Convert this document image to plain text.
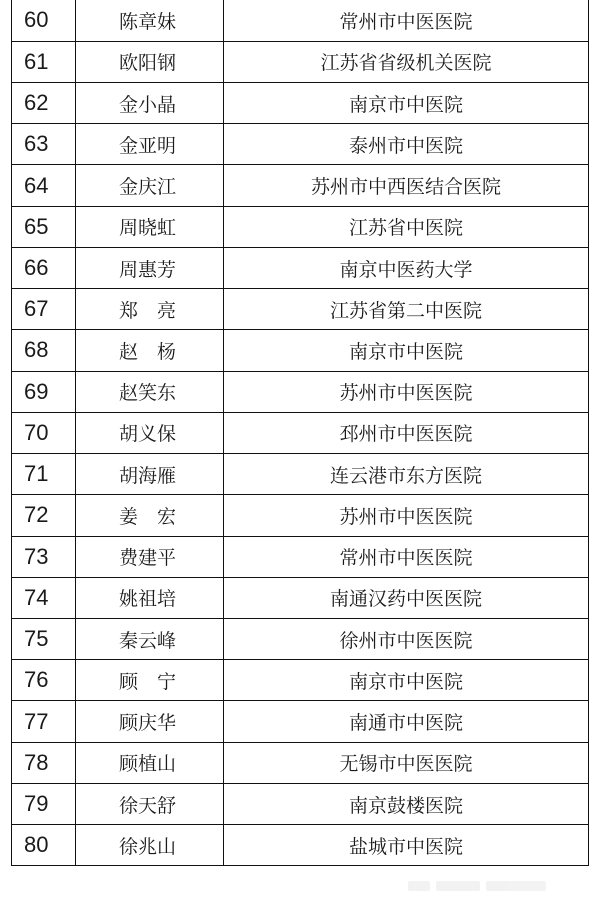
60	陈章妹	常州市中医医院
61	欧阳钢	江苏省省级机关医院
62	金小晶	南京市中医院
63	金亚明	泰州市中医院
64	金庆江	苏州市中西医结合医院
65	周晓虹	江苏省中医院
66	周惠芳	南京中医药大学
67	郑　亮	江苏省第二中医院
68	赵　杨	南京市中医院
69	赵笑东	苏州市中医医院
70	胡义保	邳州市中医医院
71	胡海雁	连云港市东方医院
72	姜　宏	苏州市中医医院
73	费建平	常州市中医医院
74	姚祖培	南通汉药中医医院
75	秦云峰	徐州市中医医院
76	顾　宁	南京市中医院
77	顾庆华	南通市中医院
78	顾植山	无锡市中医医院
79	徐天舒	南京鼓楼医院
80	徐兆山	盐城市中医院
